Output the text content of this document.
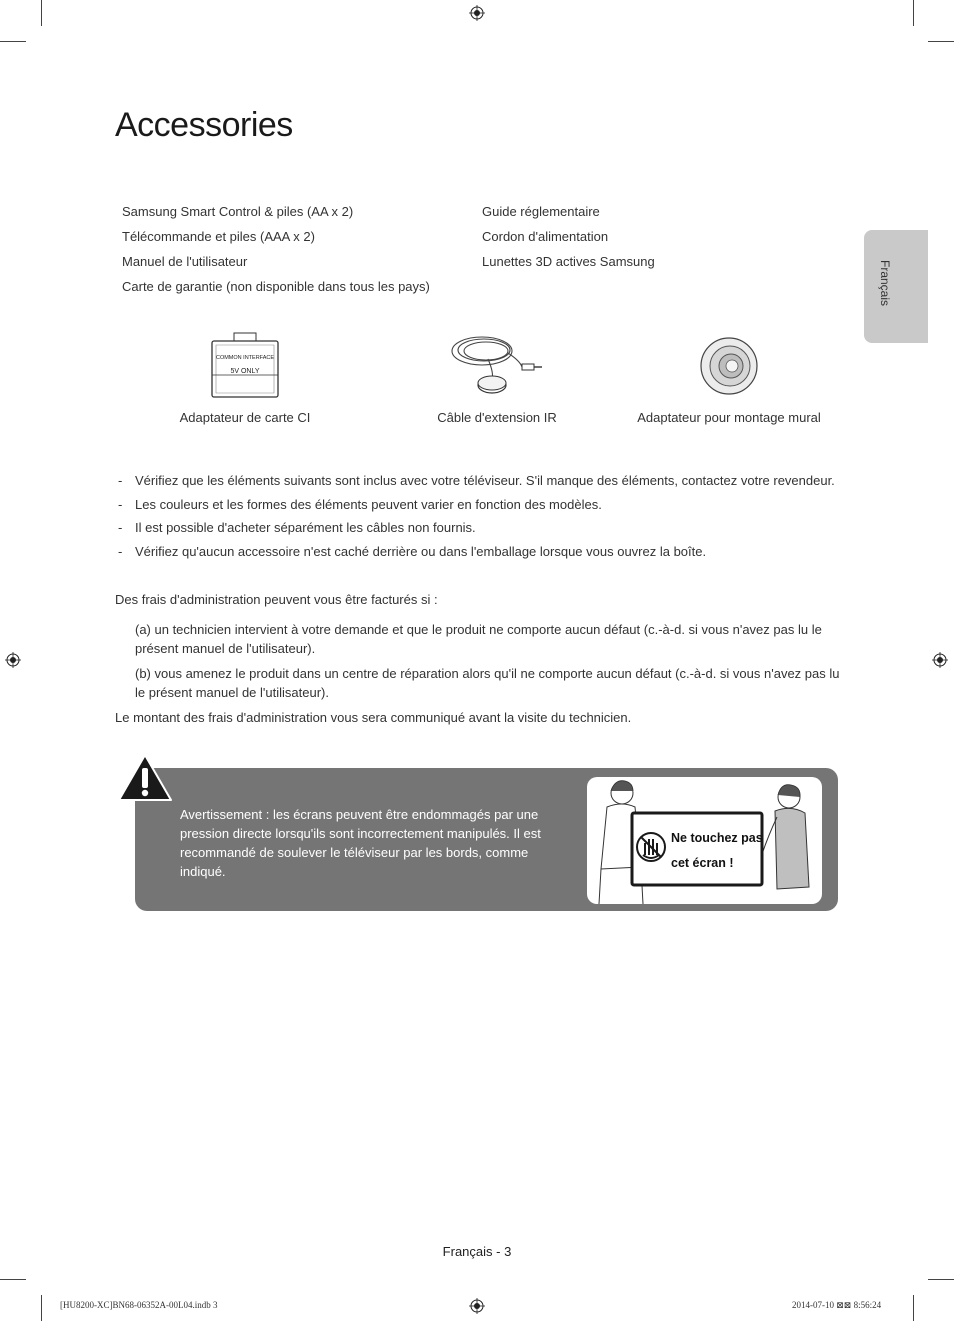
Accessories
Français
Samsung Smart Control & piles (AA x 2)
Télécommande et piles (AAA x 2)
Manuel de l'utilisateur
Carte de garantie (non disponible dans tous les pays)
Guide réglementaire
Cordon d'alimentation
Lunettes 3D actives Samsung
COMMON INTERFACE
5V ONLY
Adaptateur de carte CI	Câble d'extension IR	Adaptateur pour montage mural
- Vérifiez que les éléments suivants sont inclus avec votre téléviseur. S'il manque des éléments, contactez votre revendeur.
- Les couleurs et les formes des éléments peuvent varier en fonction des modèles.
- Il est possible d'acheter séparément les câbles non fournis.
- Vérifiez qu'aucun accessoire n'est caché derrière ou dans l'emballage lorsque vous ouvrez la boîte.

Des frais d'administration peuvent vous être facturés si :

(a) un technicien intervient à votre demande et que le produit ne comporte aucun défaut (c.-à-d. si vous n'avez pas lu le présent manuel de l'utilisateur).

(b) vous amenez le produit dans un centre de réparation alors qu'il ne comporte aucun défaut (c.-à-d. si vous n'avez pas lu le présent manuel de l'utilisateur).

Le montant des frais d'administration vous sera communiqué avant la visite du technicien.

Avertissement : les écrans peuvent être endommagés par une pression directe lorsqu'ils sont incorrectement manipulés. Il est recommandé de soulever le téléviseur par les bords, comme indiqué.
Ne touchez pas
cet écran !
Français - 3
[HU8200-XC]BN68-06352A-00L04.indb 3	2014-07-10 ⊠⊠ 8:56:24
